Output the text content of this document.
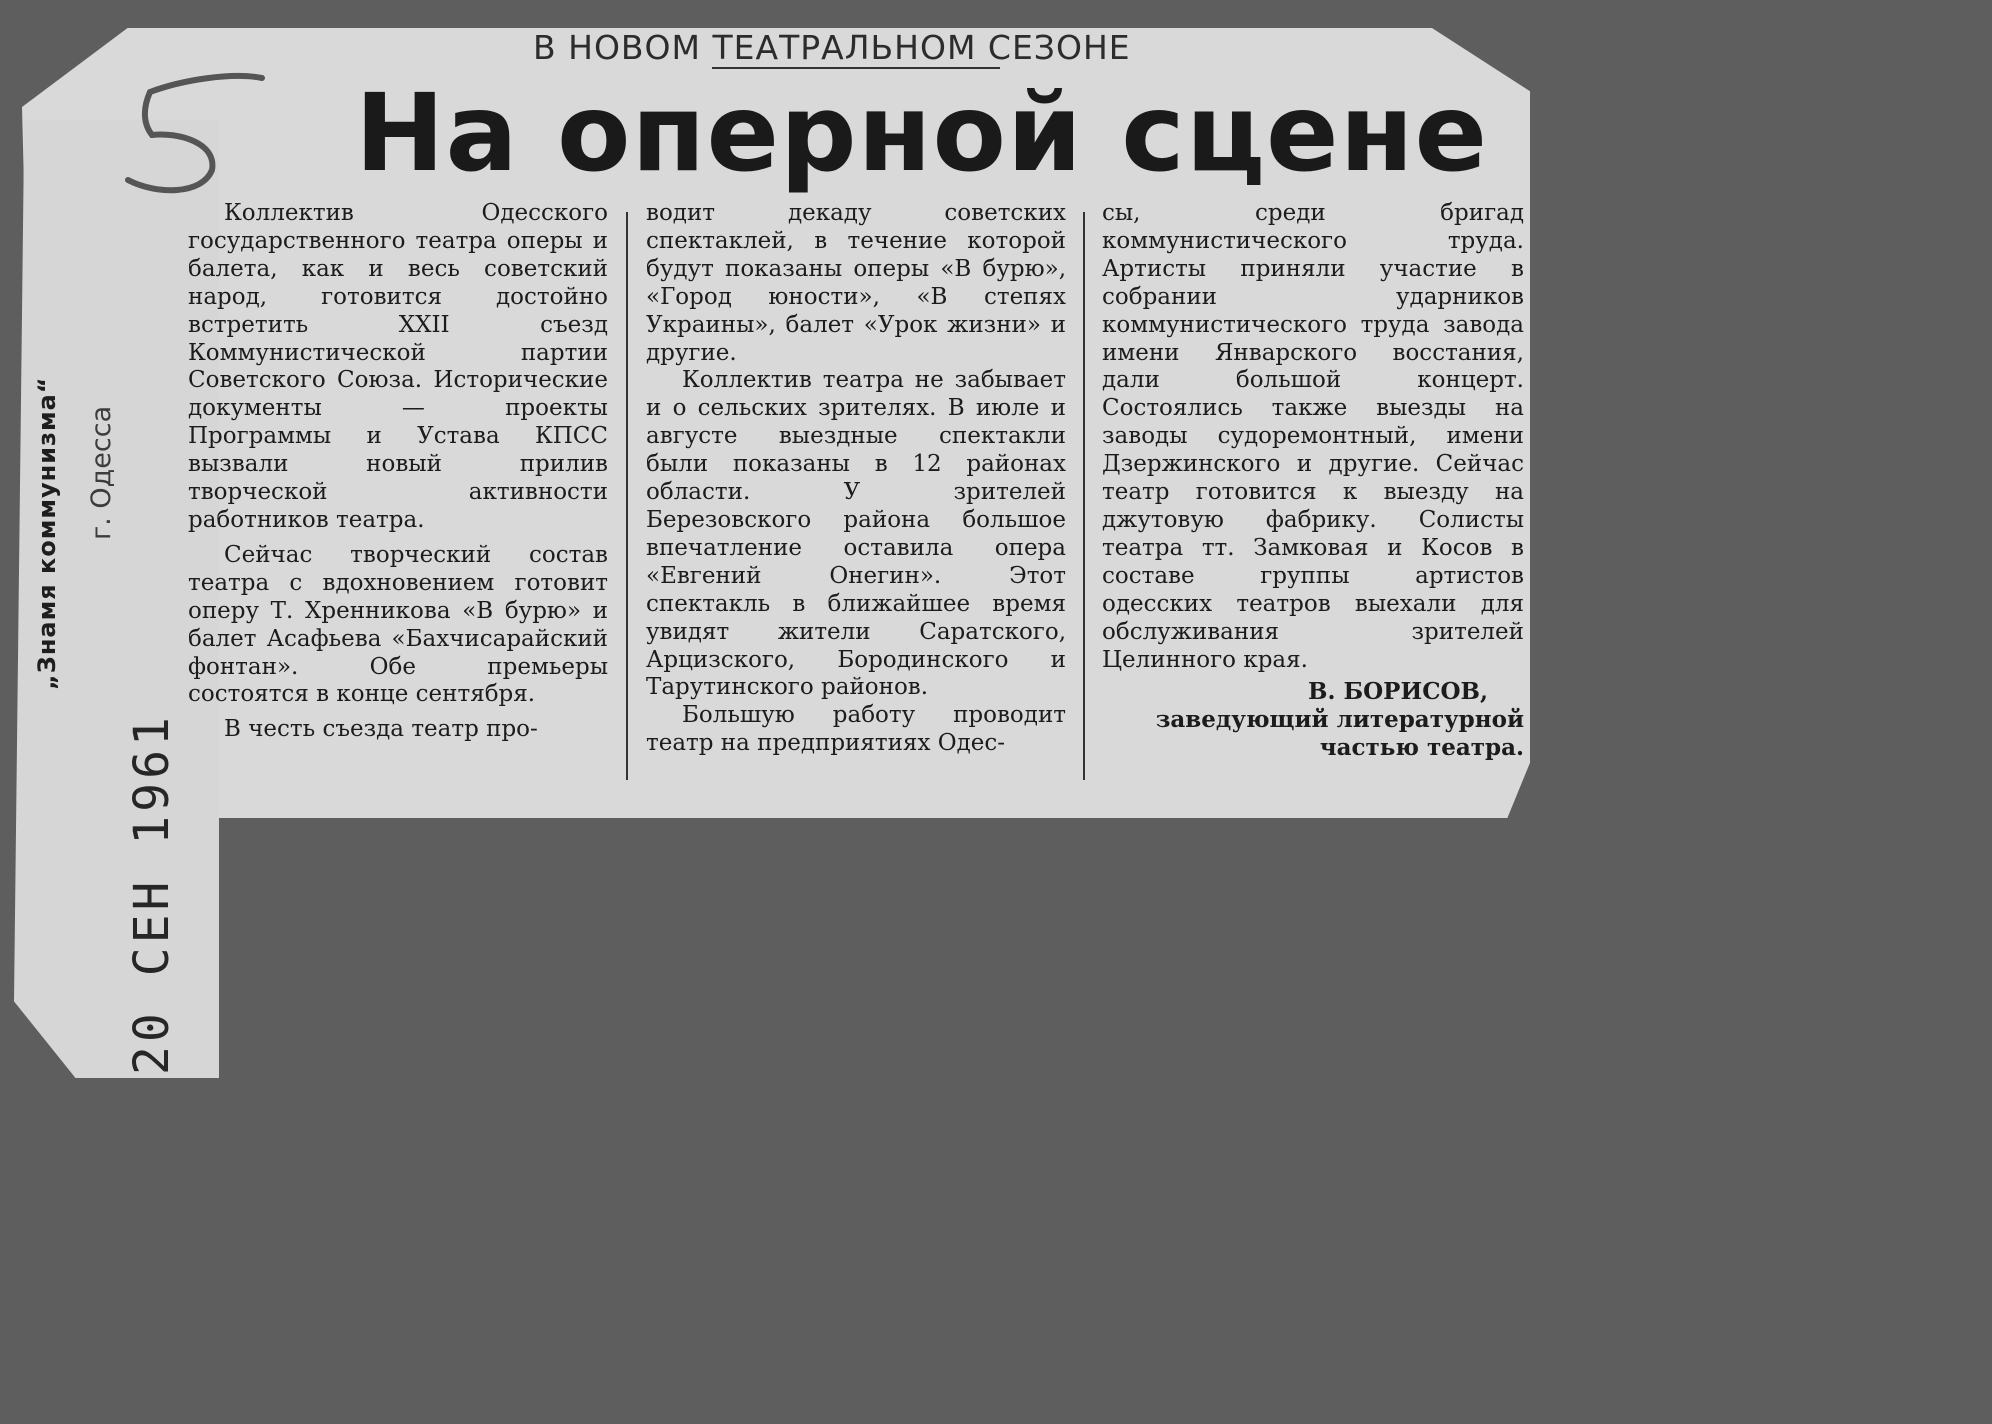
„Знамя коммунизма“ г. Одесса
20 СЕН 1961
В НОВОМ ТЕАТРАЛЬНОМ СЕЗОНЕ
На оперной сцене

Коллектив Одесского государственного театра оперы и балета, как и весь советский народ, готовится достойно встретить XXII съезд Коммунистической партии Советского Союза. Исторические документы — проекты Программы и Устава КПСС вызвали новый прилив творческой активности работников театра.

Сейчас творческий состав театра с вдохновением готовит оперу Т. Хренникова «В бурю» и балет Асафьева «Бахчисарайский фонтан». Обе премьеры состоятся в конце сентября.

В честь съезда театр про-

водит декаду советских спектаклей, в течение которой будут показаны оперы «В бурю», «Город юности», «В степях Украины», балет «Урок жизни» и другие.

Коллектив театра не забывает и о сельских зрителях. В июле и августе выездные спектакли были показаны в 12 районах области. У зрителей Березовского района большое впечатление оставила опера «Евгений Онегин». Этот спектакль в ближайшее время увидят жители Саратского, Арцизского, Бородинского и Тарутинского районов.

Большую работу проводит театр на предприятиях Одес-

сы, среди бригад коммунистического труда. Артисты приняли участие в собрании ударников коммунистического труда завода имени Январского восстания, дали большой концерт. Состоялись также выезды на заводы судоремонтный, имени Дзержинского и другие. Сейчас театр готовится к выезду на джутовую фабрику. Солисты театра тт. Замковая и Косов в составе группы артистов одесских театров выехали для обслуживания зрителей Целинного края.

В. БОРИСОВ,
заведующий литературной частью театра.
